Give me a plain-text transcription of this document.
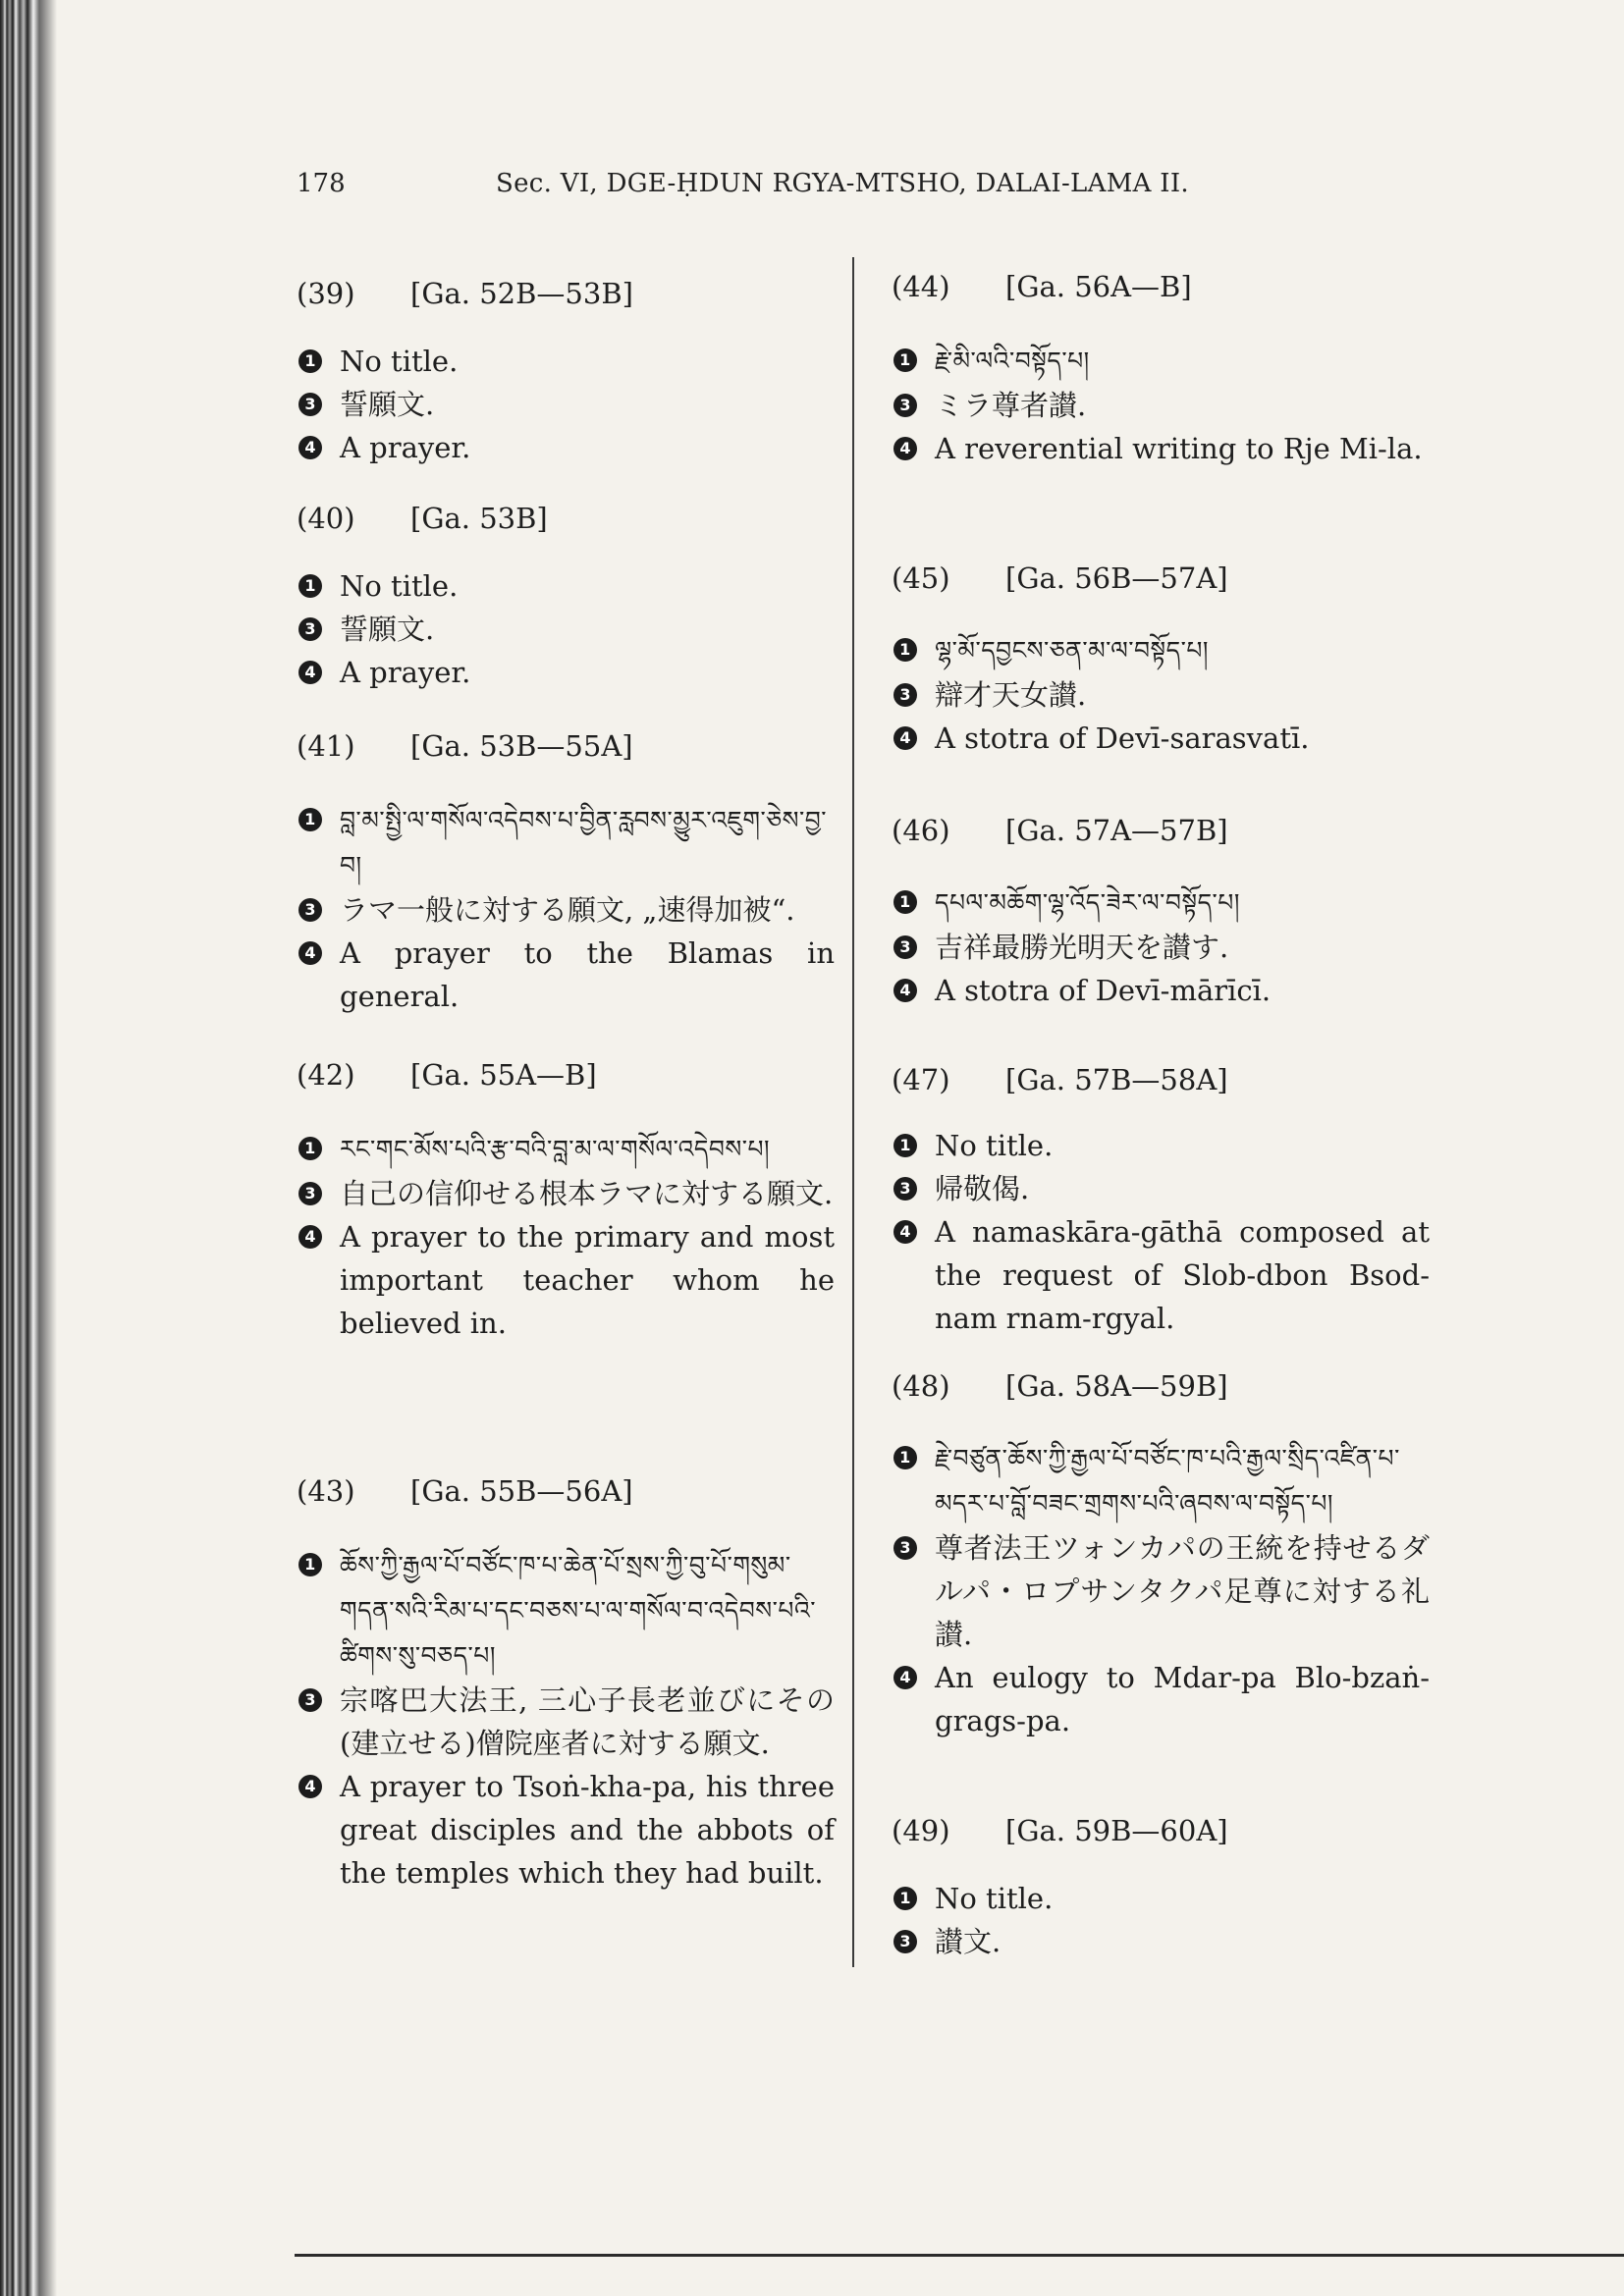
178	Sec. VI, DGE-ḤDUN RGYA-MTSHO, DALAI-LAMA II.
(39) [Ga. 52B—53B]
1 No title.
3 誓願文.
4 A prayer.
(40) [Ga. 53B]
1 No title.
3 誓願文.
4 A prayer.
(41) [Ga. 53B—55A]
1 བླ་མ་སྤྱི་ལ་གསོལ་འདེབས་པ་བྱིན་རླབས་མྱུར་འཇུག་ཅེས་བྱ་བ།
3 ラマ一般に対する願文, „速得加被“.
4 A prayer to the Blamas in general.
(42) [Ga. 55A—B]
1 རང་གང་མོས་པའི་རྩ་བའི་བླ་མ་ལ་གསོལ་འདེབས་པ།
3 自己の信仰せる根本ラマに対する願文.
4 A prayer to the primary and most important teacher whom he believed in.
(43) [Ga. 55B—56A]
1 ཆོས་ཀྱི་རྒྱལ་པོ་བཙོང་ཁ་པ་ཆེན་པོ་སྲས་ཀྱི་བུ་པོ་གསུམ་གདན་སའི་རིམ་པ་དང་བཅས་པ་ལ་གསོལ་བ་འདེབས་པའི་ཚིགས་སུ་བཅད་པ།
3 宗喀巴大法王, 三心子長老並びにその(建立せる)僧院座者に対する願文.
4 A prayer to Tsoṅ-kha-pa, his three great disciples and the abbots of the temples which they had built.
(44) [Ga. 56A—B]
1 རྗེ་མི་ལའི་བསྟོད་པ།
3 ミラ尊者讃.
4 A reverential writing to Rje Mi-la.
(45) [Ga. 56B—57A]
1 ལྷ་མོ་དབྱངས་ཅན་མ་ལ་བསྟོད་པ།
3 辯才天女讃.
4 A stotra of Devī-sarasvatī.
(46) [Ga. 57A—57B]
1 དཔལ་མཆོག་ལྷ་འོད་ཟེར་ལ་བསྟོད་པ།
3 吉祥最勝光明天を讃す.
4 A stotra of Devī-mārīcī.
(47) [Ga. 57B—58A]
1 No title.
3 帰敬偈.
4 A namaskāra-gāthā composed at the request of Slob-dbon Bsod-nam rnam-rgyal.
(48) [Ga. 58A—59B]
1 རྗེ་བཙུན་ཆོས་ཀྱི་རྒྱལ་པོ་བཙོང་ཁ་པའི་རྒྱལ་སྲིད་འཛིན་པ་མདར་པ་བློ་བཟང་གྲགས་པའི་ཞབས་ལ་བསྟོད་པ།
3 尊者法王ツォンカパの王統を持せるダルパ・ロプサンタクパ足尊に対する礼讃.
4 An eulogy to Mdar-pa Blo-bzaṅ-grags-pa.
(49) [Ga. 59B—60A]
1 No title.
3 讃文.
